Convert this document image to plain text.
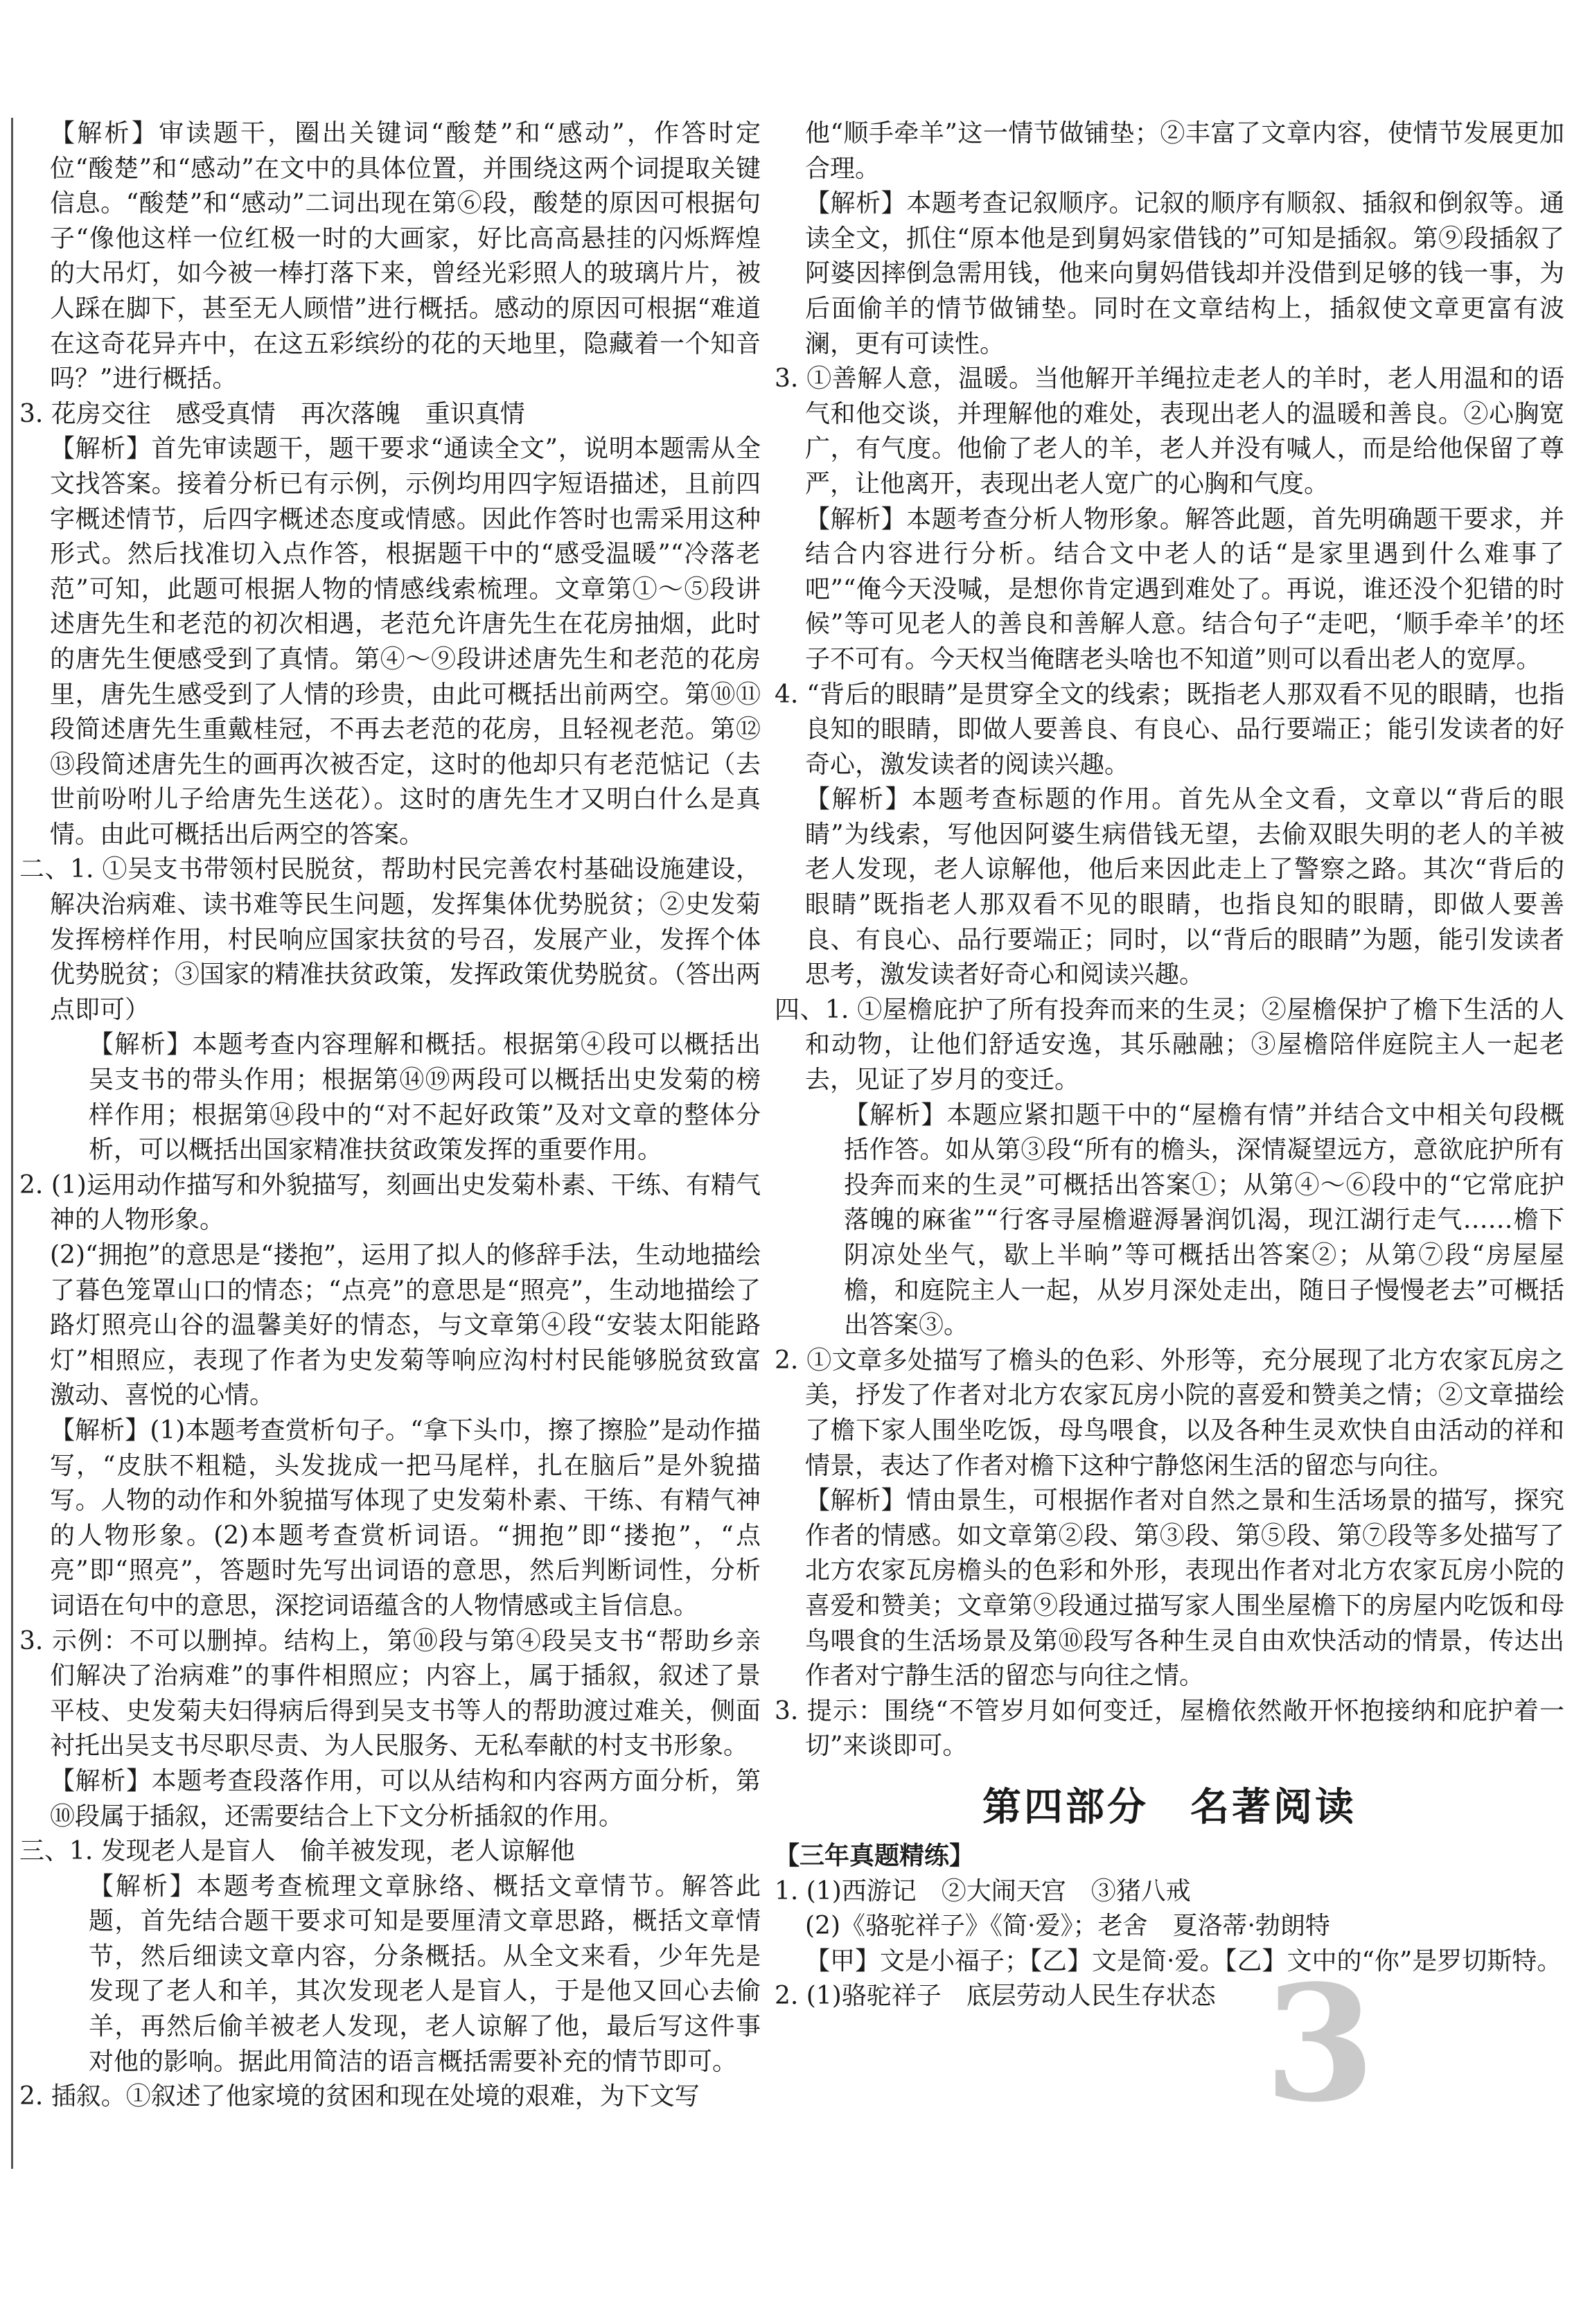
【解析】审读题干，圈出关键词“酸楚”和“感动”，作答时定位“酸楚”和“感动”在文中的具体位置，并围绕这两个词提取关键信息。“酸楚”和“感动”二词出现在第⑥段，酸楚的原因可根据句子“像他这样一位红极一时的大画家，好比高高悬挂的闪烁辉煌的大吊灯，如今被一棒打落下来，曾经光彩照人的玻璃片片，被人踩在脚下，甚至无人顾惜”进行概括。感动的原因可根据“难道在这奇花异卉中，在这五彩缤纷的花的天地里，隐藏着一个知音吗？”进行概括。

3. 花房交往　感受真情　再次落魄　重识真情

【解析】首先审读题干，题干要求“通读全文”，说明本题需从全文找答案。接着分析已有示例，示例均用四字短语描述，且前四字概述情节，后四字概述态度或情感。因此作答时也需采用这种形式。然后找准切入点作答，根据题干中的“感受温暖”“冷落老范”可知，此题可根据人物的情感线索梳理。文章第①～⑤段讲述唐先生和老范的初次相遇，老范允许唐先生在花房抽烟，此时的唐先生便感受到了真情。第④～⑨段讲述唐先生和老范的花房里，唐先生感受到了人情的珍贵，由此可概括出前两空。第⑩⑪段简述唐先生重戴桂冠，不再去老范的花房，且轻视老范。第⑫⑬段简述唐先生的画再次被否定，这时的他却只有老范惦记（去世前吩咐儿子给唐先生送花）。这时的唐先生才又明白什么是真情。由此可概括出后两空的答案。

二、1. ①吴支书带领村民脱贫，帮助村民完善农村基础设施建设，解决治病难、读书难等民生问题，发挥集体优势脱贫；②史发菊发挥榜样作用，村民响应国家扶贫的号召，发展产业，发挥个体优势脱贫；③国家的精准扶贫政策，发挥政策优势脱贫。（答出两点即可）

【解析】本题考查内容理解和概括。根据第④段可以概括出吴支书的带头作用；根据第⑭⑲两段可以概括出史发菊的榜样作用；根据第⑭段中的“对不起好政策”及对文章的整体分析，可以概括出国家精准扶贫政策发挥的重要作用。

2. (1)运用动作描写和外貌描写，刻画出史发菊朴素、干练、有精气神的人物形象。

(2)“拥抱”的意思是“搂抱”，运用了拟人的修辞手法，生动地描绘了暮色笼罩山口的情态；“点亮”的意思是“照亮”，生动地描绘了路灯照亮山谷的温馨美好的情态，与文章第④段“安装太阳能路灯”相照应，表现了作者为史发菊等响应沟村村民能够脱贫致富激动、喜悦的心情。

【解析】(1)本题考查赏析句子。“拿下头巾，擦了擦脸”是动作描写，“皮肤不粗糙，头发拢成一把马尾样，扎在脑后”是外貌描写。人物的动作和外貌描写体现了史发菊朴素、干练、有精气神的人物形象。(2)本题考查赏析词语。“拥抱”即“搂抱”，“点亮”即“照亮”，答题时先写出词语的意思，然后判断词性，分析词语在句中的意思，深挖词语蕴含的人物情感或主旨信息。

3. 示例：不可以删掉。结构上，第⑩段与第④段吴支书“帮助乡亲们解决了治病难”的事件相照应；内容上，属于插叙，叙述了景平枝、史发菊夫妇得病后得到吴支书等人的帮助渡过难关，侧面衬托出吴支书尽职尽责、为人民服务、无私奉献的村支书形象。

【解析】本题考查段落作用，可以从结构和内容两方面分析，第⑩段属于插叙，还需要结合上下文分析插叙的作用。

三、1. 发现老人是盲人　偷羊被发现，老人谅解他

【解析】本题考查梳理文章脉络、概括文章情节。解答此题，首先结合题干要求可知是要厘清文章思路，概括文章情节，然后细读文章内容，分条概括。从全文来看，少年先是发现了老人和羊，其次发现老人是盲人，于是他又回心去偷羊，再然后偷羊被老人发现，老人谅解了他，最后写这件事对他的影响。据此用简洁的语言概括需要补充的情节即可。

2. 插叙。①叙述了他家境的贫困和现在处境的艰难，为下文写

他“顺手牵羊”这一情节做铺垫；②丰富了文章内容，使情节发展更加合理。

【解析】本题考查记叙顺序。记叙的顺序有顺叙、插叙和倒叙等。通读全文，抓住“原本他是到舅妈家借钱的”可知是插叙。第⑨段插叙了阿婆因摔倒急需用钱，他来向舅妈借钱却并没借到足够的钱一事，为后面偷羊的情节做铺垫。同时在文章结构上，插叙使文章更富有波澜，更有可读性。

3. ①善解人意，温暖。当他解开羊绳拉走老人的羊时，老人用温和的语气和他交谈，并理解他的难处，表现出老人的温暖和善良。②心胸宽广，有气度。他偷了老人的羊，老人并没有喊人，而是给他保留了尊严，让他离开，表现出老人宽广的心胸和气度。

【解析】本题考查分析人物形象。解答此题，首先明确题干要求，并结合内容进行分析。结合文中老人的话“是家里遇到什么难事了吧”“俺今天没喊，是想你肯定遇到难处了。再说，谁还没个犯错的时候”等可见老人的善良和善解人意。结合句子“走吧，‘顺手牵羊’的坯子不可有。今天权当俺瞎老头啥也不知道”则可以看出老人的宽厚。

4. “背后的眼睛”是贯穿全文的线索；既指老人那双看不见的眼睛，也指良知的眼睛，即做人要善良、有良心、品行要端正；能引发读者的好奇心，激发读者的阅读兴趣。

【解析】本题考查标题的作用。首先从全文看，文章以“背后的眼睛”为线索，写他因阿婆生病借钱无望，去偷双眼失明的老人的羊被老人发现，老人谅解他，他后来因此走上了警察之路。其次“背后的眼睛”既指老人那双看不见的眼睛，也指良知的眼睛，即做人要善良、有良心、品行要端正；同时，以“背后的眼睛”为题，能引发读者思考，激发读者好奇心和阅读兴趣。

四、1. ①屋檐庇护了所有投奔而来的生灵；②屋檐保护了檐下生活的人和动物，让他们舒适安逸，其乐融融；③屋檐陪伴庭院主人一起老去，见证了岁月的变迁。

【解析】本题应紧扣题干中的“屋檐有情”并结合文中相关句段概括作答。如从第③段“所有的檐头，深情凝望远方，意欲庇护所有投奔而来的生灵”可概括出答案①；从第④～⑥段中的“它常庇护落魄的麻雀”“行客寻屋檐避溽暑润饥渴，现江湖行走气……檐下阴凉处坐气，歇上半晌”等可概括出答案②；从第⑦段“房屋屋檐，和庭院主人一起，从岁月深处走出，随日子慢慢老去”可概括出答案③。

2. ①文章多处描写了檐头的色彩、外形等，充分展现了北方农家瓦房之美，抒发了作者对北方农家瓦房小院的喜爱和赞美之情；②文章描绘了檐下家人围坐吃饭，母鸟喂食，以及各种生灵欢快自由活动的祥和情景，表达了作者对檐下这种宁静悠闲生活的留恋与向往。

【解析】情由景生，可根据作者对自然之景和生活场景的描写，探究作者的情感。如文章第②段、第③段、第⑤段、第⑦段等多处描写了北方农家瓦房檐头的色彩和外形，表现出作者对北方农家瓦房小院的喜爱和赞美；文章第⑨段通过描写家人围坐屋檐下的房屋内吃饭和母鸟喂食的生活场景及第⑩段写各种生灵自由欢快活动的情景，传达出作者对宁静生活的留恋与向往之情。

3. 提示：围绕“不管岁月如何变迁，屋檐依然敞开怀抱接纳和庇护着一切”来谈即可。

第四部分　名著阅读

【三年真题精练】

1. (1)西游记　②大闹天宫　③猪八戒

(2)《骆驼祥子》《简·爱》；老舍　夏洛蒂·勃朗特

【甲】文是小福子；【乙】文是简·爱。【乙】文中的“你”是罗切斯特。

2. (1)骆驼祥子　底层劳动人民生存状态 3
